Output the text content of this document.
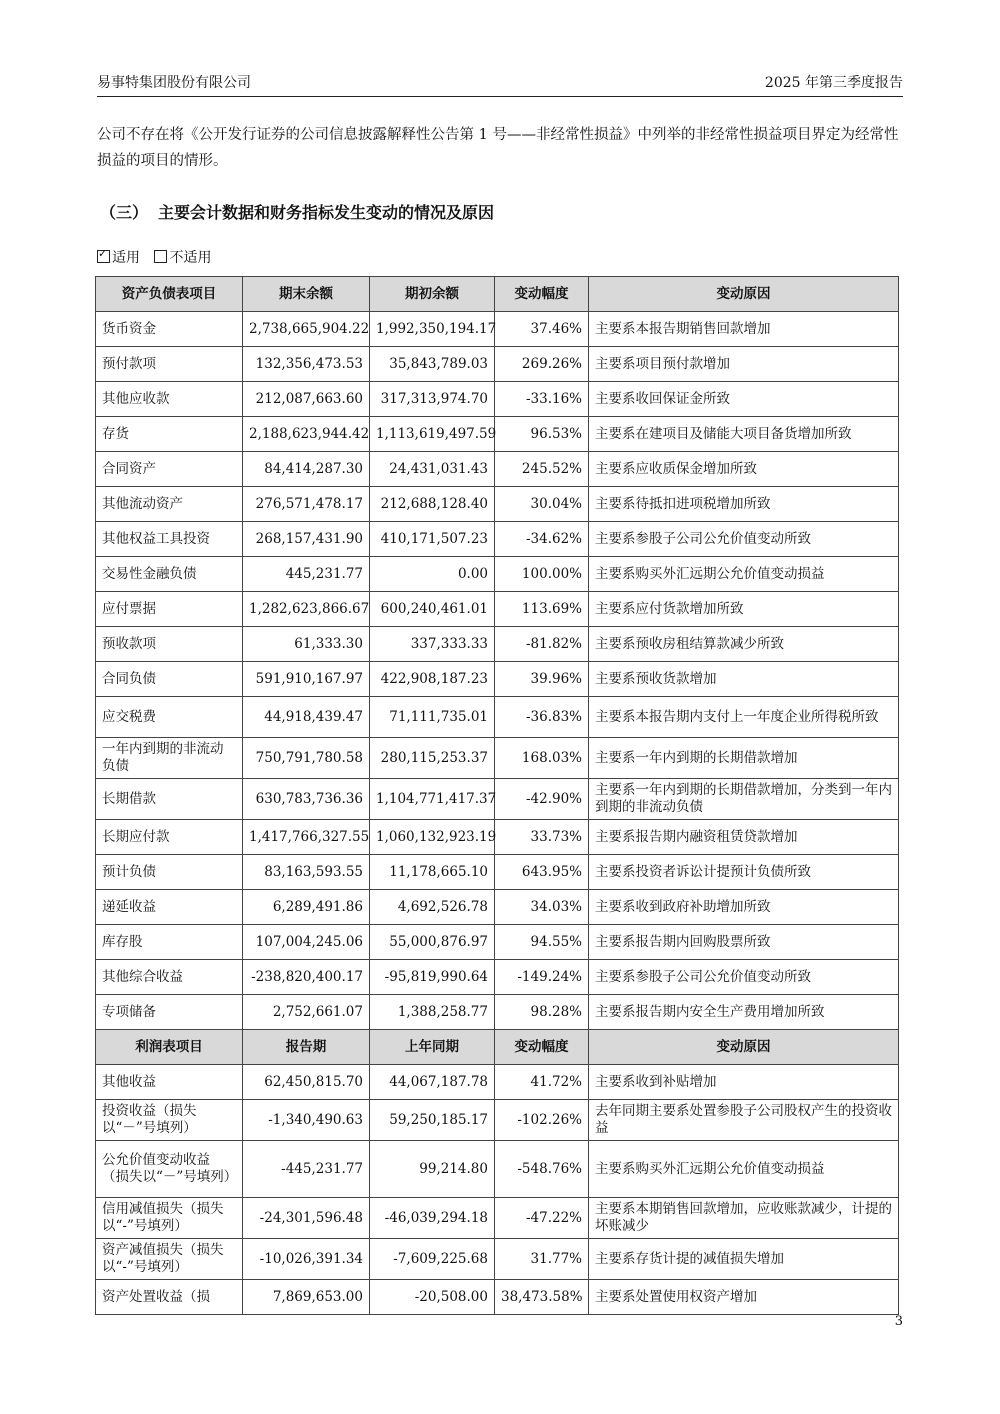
易事特集团股份有限公司	2025 年第三季度报告
公司不存在将《公开发行证券的公司信息披露解释性公告第 1 号——非经常性损益》中列举的非经常性损益项目界定为经常性损益的项目的情形。
（三） 主要会计数据和财务指标发生变动的情况及原因
✓适用 不适用
资产负债表项目	期末余额	期初余额	变动幅度	变动原因
货币资金	2,738,665,904.22	1,992,350,194.17	37.46%	主要系本报告期销售回款增加
预付款项	132,356,473.53	35,843,789.03	269.26%	主要系项目预付款增加
其他应收款	212,087,663.60	317,313,974.70	-33.16%	主要系收回保证金所致
存货	2,188,623,944.42	1,113,619,497.59	96.53%	主要系在建项目及储能大项目备货增加所致
合同资产	84,414,287.30	24,431,031.43	245.52%	主要系应收质保金增加所致
其他流动资产	276,571,478.17	212,688,128.40	30.04%	主要系待抵扣进项税增加所致
其他权益工具投资	268,157,431.90	410,171,507.23	-34.62%	主要系参股子公司公允价值变动所致
交易性金融负债	445,231.77	0.00	100.00%	主要系购买外汇远期公允价值变动损益
应付票据	1,282,623,866.67	600,240,461.01	113.69%	主要系应付货款增加所致
预收款项	61,333.30	337,333.33	-81.82%	主要系预收房租结算款减少所致
合同负债	591,910,167.97	422,908,187.23	39.96%	主要系预收货款增加
应交税费	44,918,439.47	71,111,735.01	-36.83%	主要系本报告期内支付上一年度企业所得税所致
一年内到期的非流动负债	750,791,780.58	280,115,253.37	168.03%	主要系一年内到期的长期借款增加
长期借款	630,783,736.36	1,104,771,417.37	-42.90%	主要系一年内到期的长期借款增加，分类到一年内到期的非流动负债
长期应付款	1,417,766,327.55	1,060,132,923.19	33.73%	主要系报告期内融资租赁贷款增加
预计负债	83,163,593.55	11,178,665.10	643.95%	主要系投资者诉讼计提预计负债所致
递延收益	6,289,491.86	4,692,526.78	34.03%	主要系收到政府补助增加所致
库存股	107,004,245.06	55,000,876.97	94.55%	主要系报告期内回购股票所致
其他综合收益	-238,820,400.17	-95,819,990.64	-149.24%	主要系参股子公司公允价值变动所致
专项储备	2,752,661.07	1,388,258.77	98.28%	主要系报告期内安全生产费用增加所致
利润表项目	报告期	上年同期	变动幅度	变动原因
其他收益	62,450,815.70	44,067,187.78	41.72%	主要系收到补贴增加
投资收益（损失以“－”号填列）	-1,340,490.63	59,250,185.17	-102.26%	去年同期主要系处置参股子公司股权产生的投资收益
公允价值变动收益（损失以“－”号填列）	-445,231.77	99,214.80	-548.76%	主要系购买外汇远期公允价值变动损益
信用减值损失（损失以“-”号填列）	-24,301,596.48	-46,039,294.18	-47.22%	主要系本期销售回款增加，应收账款减少，计提的坏账减少
资产减值损失（损失以“-”号填列）	-10,026,391.34	-7,609,225.68	31.77%	主要系存货计提的减值损失增加
资产处置收益（损	7,869,653.00	-20,508.00	38,473.58%	主要系处置使用权资产增加
3
